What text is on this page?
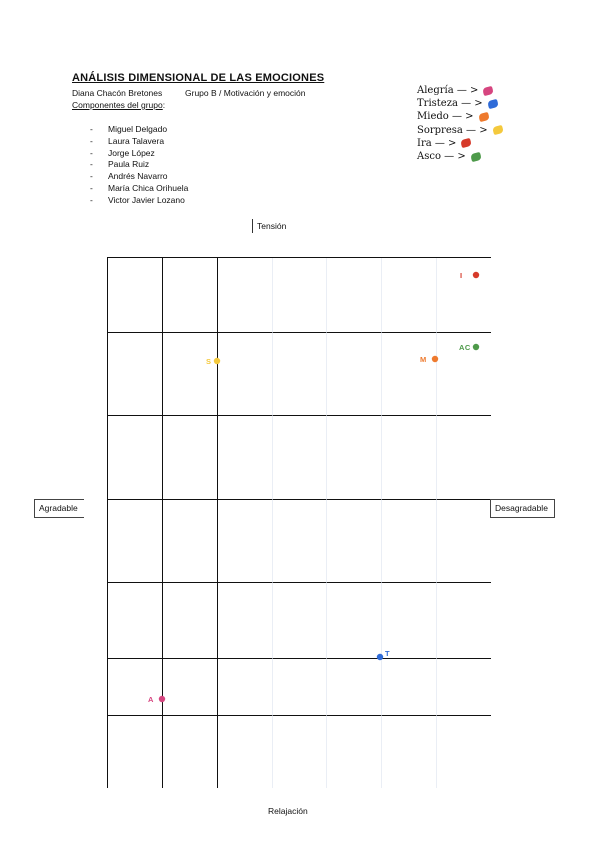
ANÁLISIS DIMENSIONAL DE LAS EMOCIONES
Diana Chacón Bretones	Grupo B / Motivación y emoción
Componentes del grupo:
-	Miguel Delgado
-	Laura Talavera
-	Jorge López
-	Paula Ruiz
-	Andrés Navarro
-	María Chica Orihuela
-	Victor Javier Lozano
Alegría — >
Tristeza — >
Miedo — >
Sorpresa — >
Ira — >
Asco — >
I
AC
M
S
T
A
Tensión
Relajación
Agradable	Desagradable
